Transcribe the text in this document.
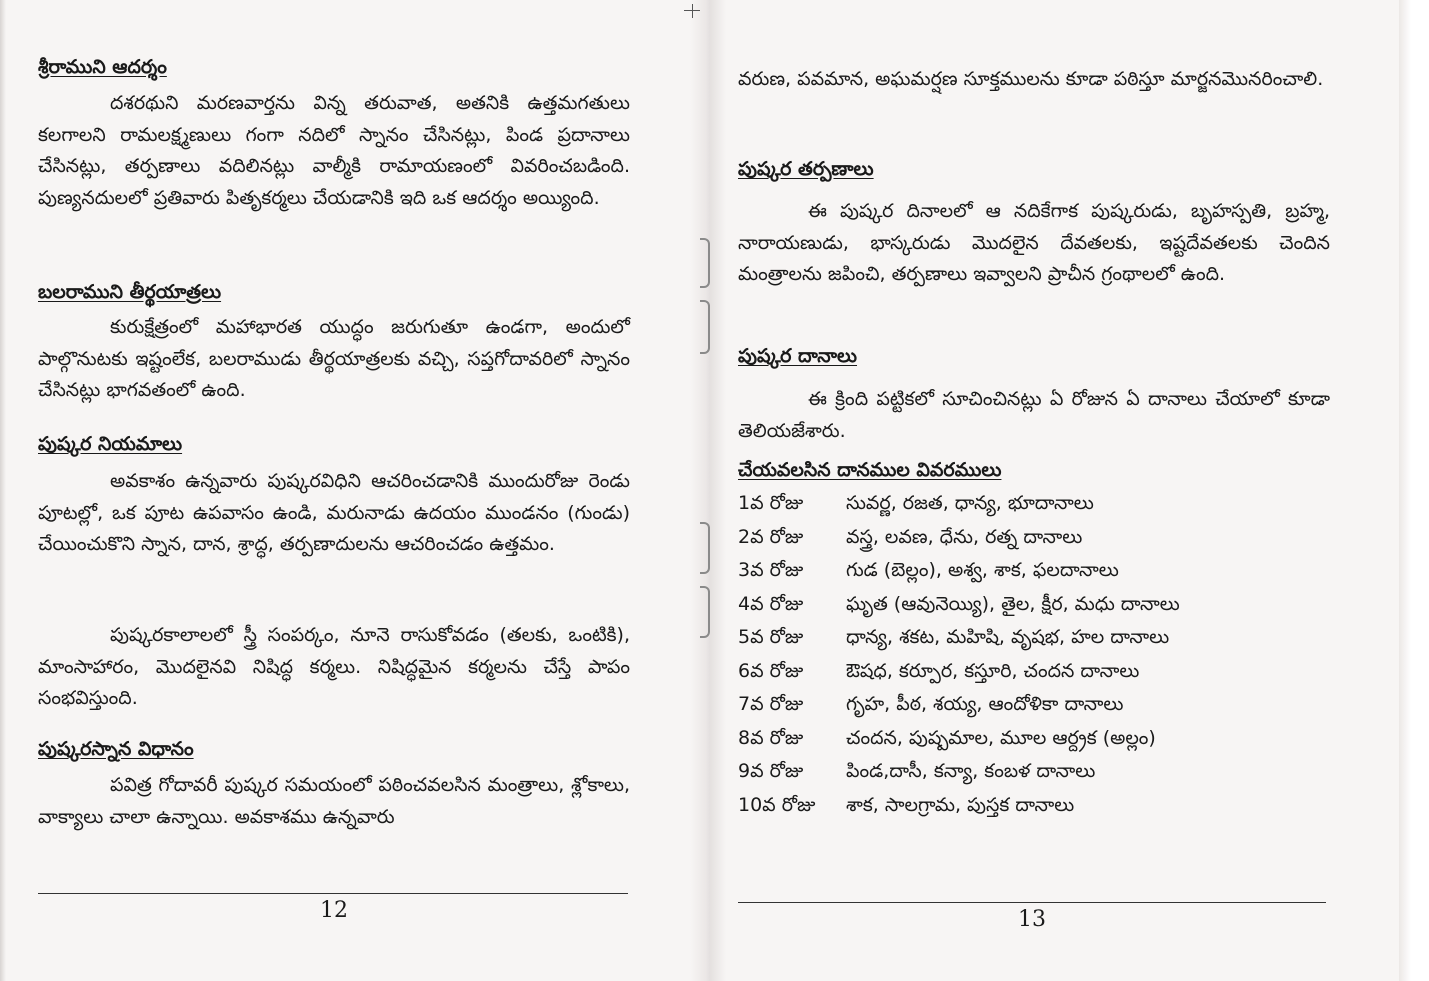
శ్రీరాముని ఆదర్శం
దశరథుని మరణవార్తను విన్న తరువాత, అతనికి ఉత్తమగతులు కలగాలని రామలక్ష్మణులు గంగా నదిలో స్నానం చేసినట్లు, పిండ ప్రదానాలు చేసినట్లు, తర్పణాలు వదిలినట్లు వాల్మీకి రామాయణంలో వివరించబడింది. పుణ్యనదులలో ప్రతివారు పితృకర్మలు చేయడానికి ఇది ఒక ఆదర్శం అయ్యింది.
బలరాముని తీర్థయాత్రలు
కురుక్షేత్రంలో మహాభారత యుద్ధం జరుగుతూ ఉండగా, అందులో పాల్గొనుటకు ఇష్టంలేక, బలరాముడు తీర్థయాత్రలకు వచ్చి, సప్తగోదావరిలో స్నానం చేసినట్లు భాగవతంలో ఉంది.
పుష్కర నియమాలు
అవకాశం ఉన్నవారు పుష్కరవిధిని ఆచరించడానికి ముందురోజు రెండు పూటల్లో, ఒక పూట ఉపవాసం ఉండి, మరునాడు ఉదయం ముండనం (గుండు) చేయించుకొని స్నాన, దాన, శ్రాద్ధ, తర్పణాదులను ఆచరించడం ఉత్తమం.
పుష్కరకాలాలలో స్త్రీ సంపర్కం, నూనె రాసుకోవడం (తలకు, ఒంటికి), మాంసాహారం, మొదలైనవి నిషిద్ధ కర్మలు. నిషిద్ధమైన కర్మలను చేస్తే పాపం సంభవిస్తుంది.
పుష్కరస్నాన విధానం
పవిత్ర గోదావరీ పుష్కర సమయంలో పఠించవలసిన మంత్రాలు, శ్లోకాలు, వాక్యాలు చాలా ఉన్నాయి. అవకాశము ఉన్నవారు
12
వరుణ, పవమాన, అఘమర్షణ సూక్తములను కూడా పఠిస్తూ మార్జనమొనరించాలి.
పుష్కర తర్పణాలు
ఈ పుష్కర దినాలలో ఆ నదికేగాక పుష్కరుడు, బృహస్పతి, బ్రహ్మ, నారాయణుడు, భాస్కరుడు మొదలైన దేవతలకు, ఇష్టదేవతలకు చెందిన మంత్రాలను జపించి, తర్పణాలు ఇవ్వాలని ప్రాచీన గ్రంథాలలో ఉంది.
పుష్కర దానాలు
ఈ క్రింది పట్టికలో సూచించినట్లు ఏ రోజున ఏ దానాలు చేయాలో కూడా తెలియజేశారు.
చేయవలసిన దానముల వివరములు
1వ రోజు సువర్ణ, రజత, ధాన్య, భూదానాలు
2వ రోజు వస్త్ర, లవణ, ధేను, రత్న దానాలు
3వ రోజు గుడ (బెల్లం), అశ్వ, శాక, ఫలదానాలు
4వ రోజు ఘృత (ఆవునెయ్యి), తైల, క్షీర, మధు దానాలు
5వ రోజు ధాన్య, శకట, మహిషి, వృషభ, హల దానాలు
6వ రోజు ఔషధ, కర్పూర, కస్తూరి, చందన దానాలు
7వ రోజు గృహ, పీఠ, శయ్య, ఆందోళికా దానాలు
8వ రోజు చందన, పుష్పమాల, మూల ఆర్ద్రక (అల్లం)
9వ రోజు పిండ,దాసీ, కన్యా, కంబళ దానాలు
10వ రోజు శాక, సాలగ్రామ, పుస్తక దానాలు
13
